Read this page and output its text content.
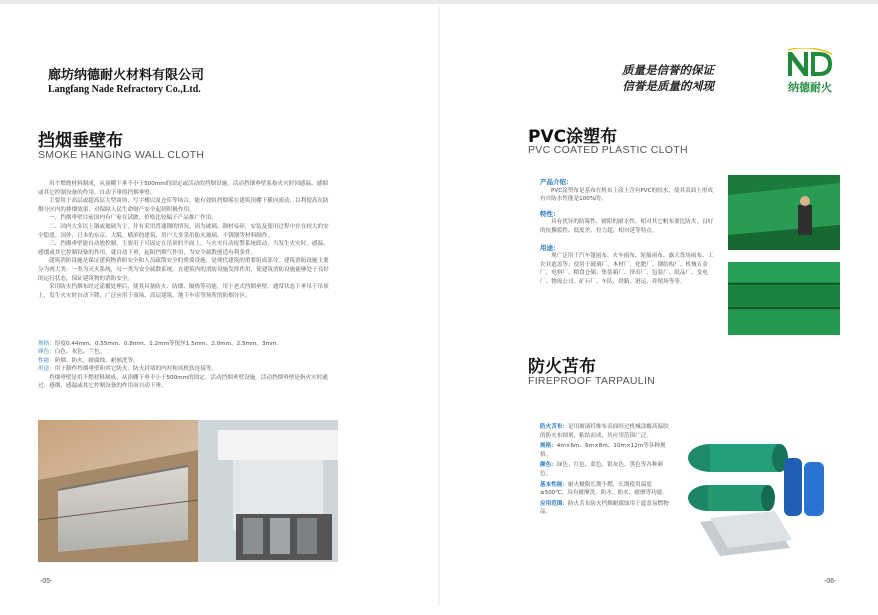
廊坊纳德耐火材料有限公司
Langfang Nade Refractory Co.,Ltd.
质量是信誉的保证
信誉是质量的체现	纳德耐火
挡烟垂壁布
SMOKE HANGING WALL CLOTH

用不燃烧材料制成，从顶棚下垂不小于500mm的固定或活动的挡烟设施。活动挡烟垂壁系指火灾时因感温、感烟或其它控制设备的作用，自动下垂的挡烟垂壁。

主要用于高层或超高层大型商场、写字楼以及仓库等场合，能有效阻挡烟雾在建筑顶棚下横向流动，以利提高在防烟分区内的排烟效果，对保障人民生命财产安全起到积极作用。

一、挡烟垂壁目前国内有厂家在试做，价格比较偏于产品推广作用。

二、国内大多以上钢或玻璃为主，并有采用普通钢的情况。因为玻璃、钢材易碎，安装及使用过程中存在较大的安全隐患。国外、日本的东京、大阪、横滨的建筑，用户大多采用防火玻璃、不锈钢等材料制作。

三、挡烟垂壁能自动地控制，主要用于可固定在吊顶的平面上，与火灾自动报警系统联动，当发生火灾时，感温、感烟或其它控制设备的作用，就自动下垂，起阻挡烟气作用，为安全疏散创造有利条件。

建筑消防设施是保证建筑物消防安全和人员疏散安全的重要设施，是现代建筑的重要组成部分。建筑消防设施主要分为两大类：一类为灭火系统，另一类为安全疏散系统。在建筑内的消防设施发挥作用，使建筑消防设施能够处于良好的运行状态，保证建筑物的消防安全。

采用防火挡烟布经过涂覆处理后，使其具备防火、防烟、隔热等功能，用于老式挡烟垂壁，通常状态下垂吊于吊顶上，发生火灾时自动下降，广泛应用于商场、高层建筑、地下车库等场所的防烟分区。

规格：厚度0.44mm、0.55mm、0.8mm、1.2mm等锐丝1.5mm、2.0mm、2.5mm、3mm。
颜色：白色、灰色、兰色。
性能：防烟、防火、耐腐蚀、耐候洗等。
用途：用于制作挡烟垂壁和其它防火、防火封堵的内衬和风机软连接等。

挡烟垂壁是用不燃材料制成，从顶棚下垂不小于500mm的固定、活动挡烟垂壁设施，活动挡烟垂壁是指火灾时通过、感烟、感温或其它控制设备的作用而自动下垂。

PVC涂塑布
PVC COATED PLASTIC CLOTH

产品介绍：

PVC涂塑布是基布在机布上涂上含有PVC的胶水，使其表面上形成有自防水性能是100%的。

特性：

具有优异的防霉性、耐阻的耐水性、相对其它帆布要比防火，良好的抗撕裂性、低度差、拉力超，相对延等特点。

用途：

现广泛用于汽车篷雨布、火车雨布、轮船雨布、露天货场雨布、工农业遮盖等；使用于玻璃厂、木材厂、化肥厂、钢结构厂、机械五金厂、电料厂、粮食仓储、集装箱厂、挤出厂、包装厂、纸品厂、变电厂、物流公司、矿石厂、车队、铁路、港运、养殖场等等。

防火苫布
FIREPROOF TARPAULIN

防火苫布：是用玻璃纤维布表面经过机械涂覆高温胶的防火布细剂，粘结而成，其应用范围广泛。

规格：4m×6m、6m×8m、10m×12m等各种规格。

颜色：绿色、红色、蓝色、银灰色、黑色等各种颜色。

基本性能：耐火极限长期不燃，长期使用温度≥500℃，具有耐摩洗、防水、防火、耐磨等功能。

应用范围：防火苫布防火挡烟耐腐蚀用于遮盖易燃物品。

-05-	-06-
